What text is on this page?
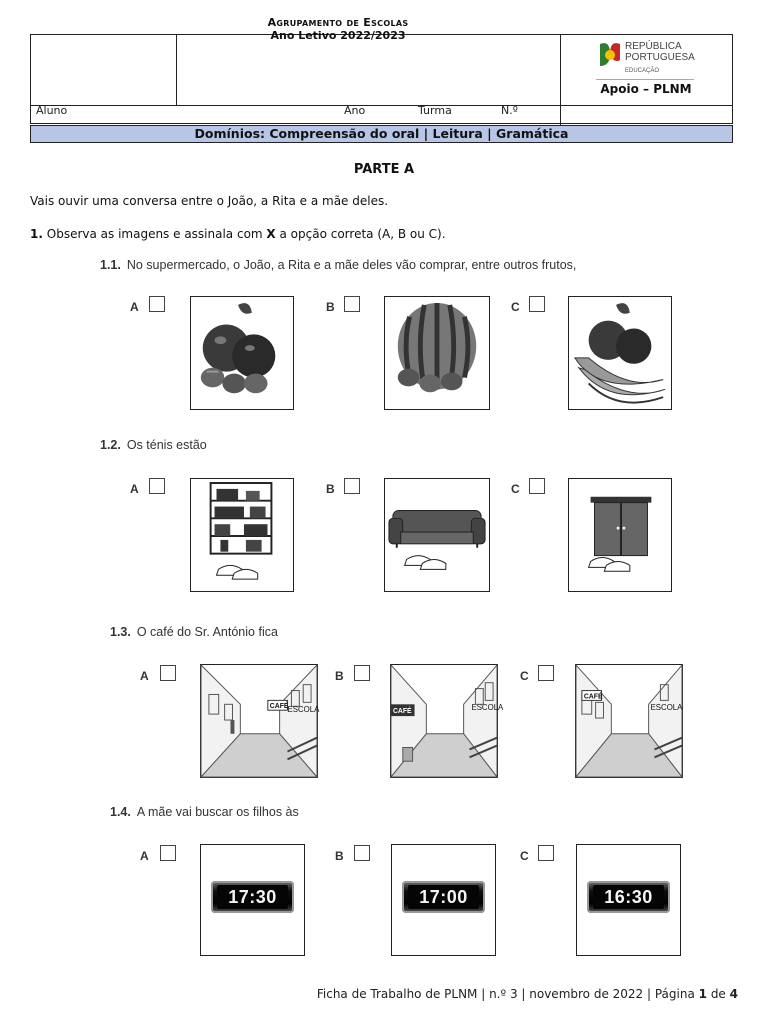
Agrupamento de Escolas
Ano Letivo 2022/2023
REPÚBLICA
PORTUGUESA
EDUCAÇÃO
Apoio – PLNM
Aluno	Ano	Turma	N.º
Domínios: Compreensão do oral | Leitura | Gramática
PARTE A
Vais ouvir uma conversa entre o João, a Rita e a mãe deles.
1. Observa as imagens e assinala com X a opção correta (A, B ou C).
1.1. No supermercado, o João, a Rita e a mãe deles vão comprar, entre outros frutos,
A	B	C
1.2. Os ténis estão
A	B	C
1.3. O café do Sr. António fica
A
CAFÉ
ESCOLA
B
CAFÉ	ESCOLA
C
CAFÉ
ESCOLA
1.4. A mãe vai buscar os filhos às
A
17:30
B
17:00
C
16:30
Ficha de Trabalho de PLNM | n.º 3 | novembro de 2022 | Página 1 de 4
